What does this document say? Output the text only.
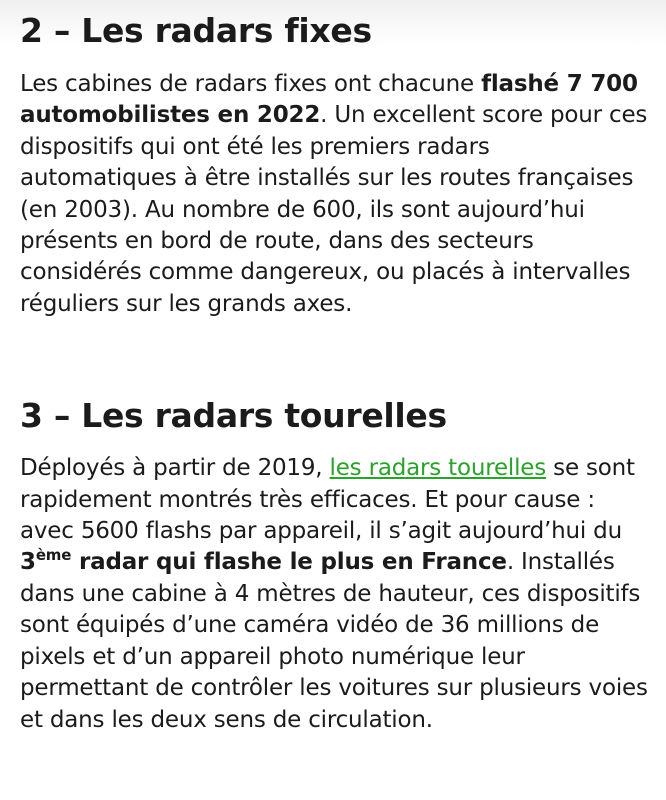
2 – Les radars fixes

Les cabines de radars fixes ont chacune flashé 7 700 automobilistes en 2022. Un excellent score pour ces dispositifs qui ont été les premiers radars automatiques à être installés sur les routes françaises (en 2003). Au nombre de 600, ils sont aujourd’hui présents en bord de route, dans des secteurs considérés comme dangereux, ou placés à intervalles réguliers sur les grands axes.

3 – Les radars tourelles

Déployés à partir de 2019, les radars tourelles se sont rapidement montrés très efficaces. Et pour cause : avec 5600 flashs par appareil, il s’agit aujourd’hui du 3ème radar qui flashe le plus en France. Installés dans une cabine à 4 mètres de hauteur, ces dispositifs sont équipés d’une caméra vidéo de 36 millions de pixels et d’un appareil photo numérique leur permettant de contrôler les voitures sur plusieurs voies et dans les deux sens de circulation.
